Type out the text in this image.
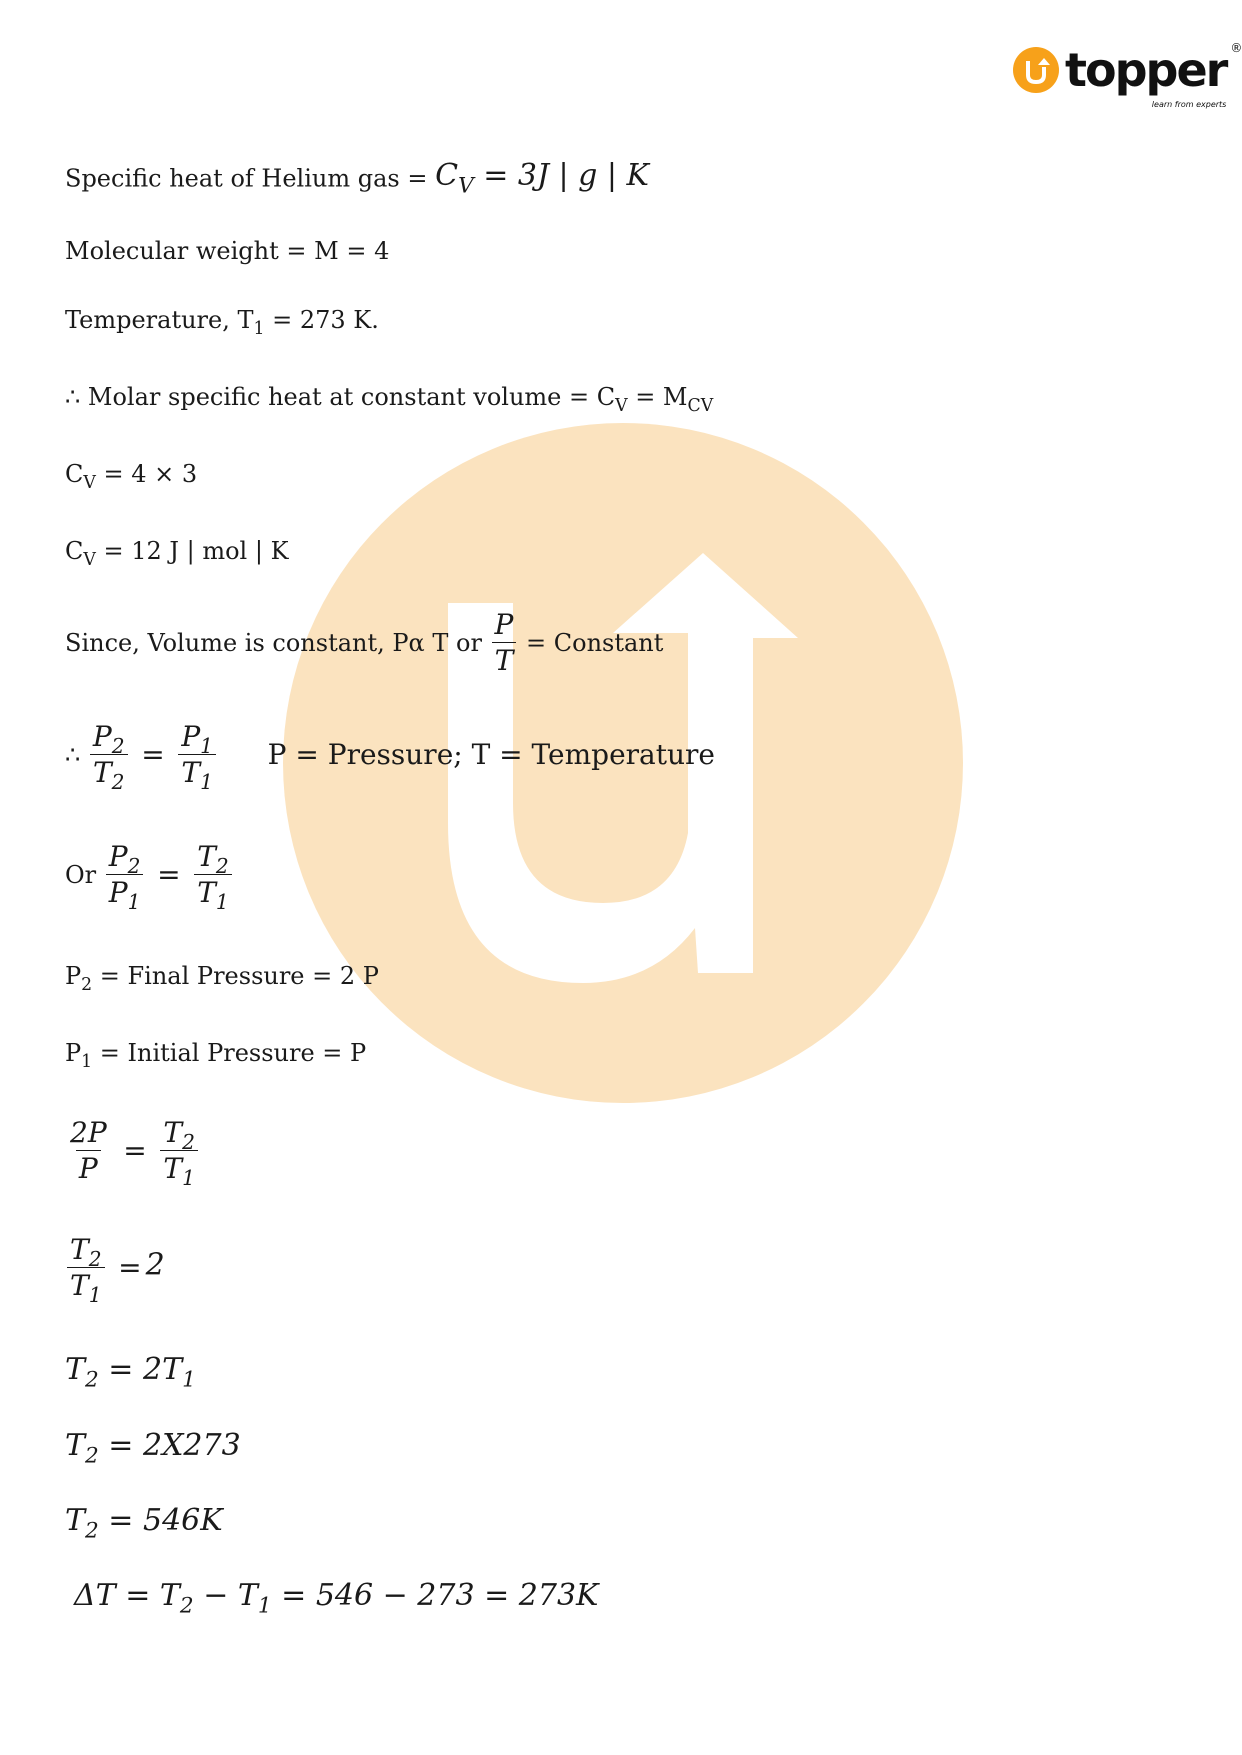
topper ®
learn from experts
Specific heat of Helium gas = $C_V = 3J$ | g | K
Molecular weight = M = 4
Temperature, $T_1 = 273$ K.
∴ Molar specific heat at constant volume = $C_V = M_{CV}$
$C_V = 4 \times 3$
$C_V = 12$ J | mol | K
Since, Volume is constant, Pα T or $\frac{P}{T}$ = Constant
∴ $\frac{P_2}{T_2} = \frac{P_1}{T_1}$ P = Pressure; T = Temperature
Or $\frac{P_2}{P_1} = \frac{T_2}{T_1}$
$P_2$ = Final Pressure = 2 P
$P_1$ = Initial Pressure = P
$\frac{2P}{P} = \frac{T_2}{T_1}$
$\frac{T_2}{T_1} = 2$
$T_2 = 2T_1$
$T_2 = 2X273$
$T_2 = 546K$
$\Delta T = T_2 - T_1 = 546 - 273 = 273K$
